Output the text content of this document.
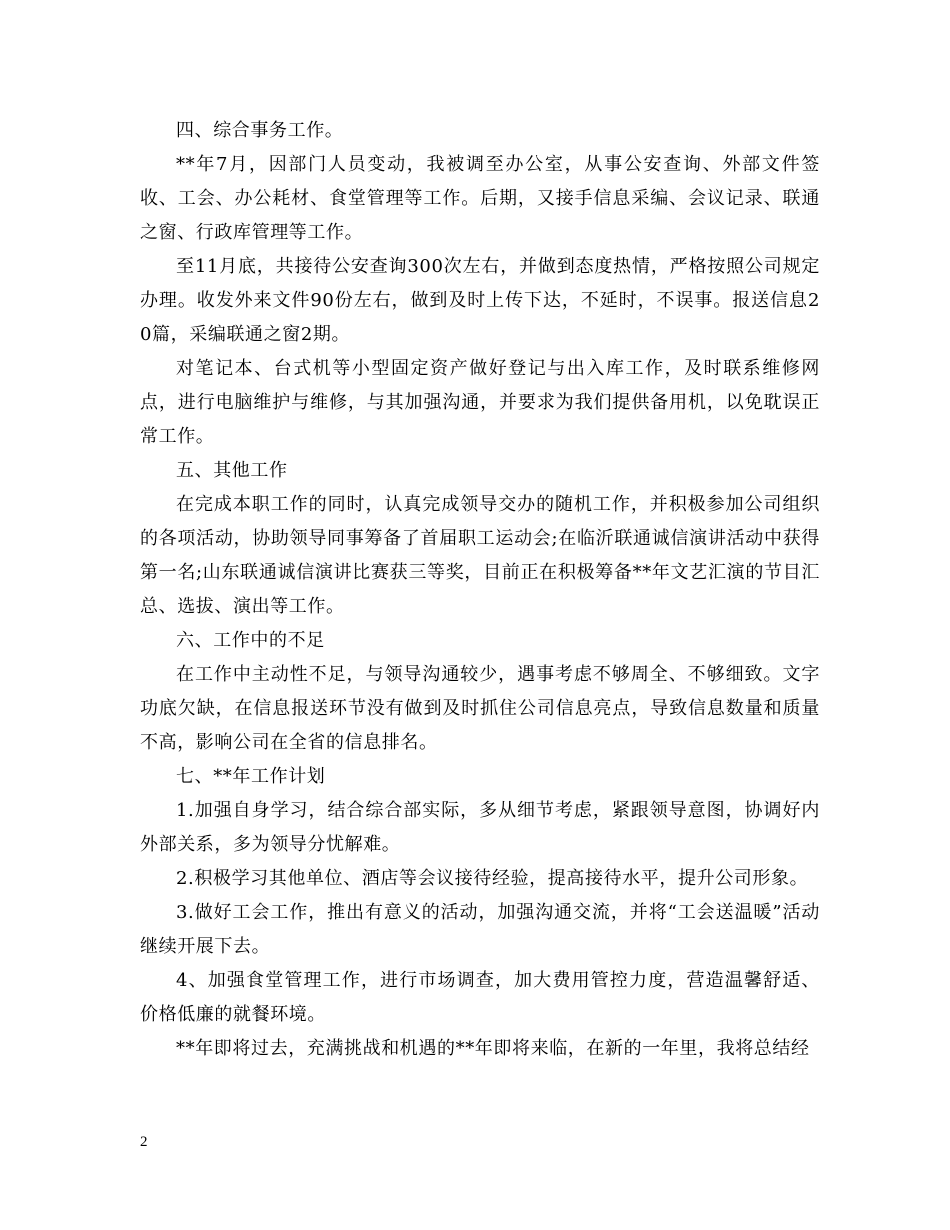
四、综合事务工作。

**年7月，因部门人员变动，我被调至办公室，从事公安查询、外部文件签收、工会、办公耗材、食堂管理等工作。后期，又接手信息采编、会议记录、联通之窗、行政库管理等工作。

至11月底，共接待公安查询300次左右，并做到态度热情，严格按照公司规定办理。收发外来文件90份左右，做到及时上传下达，不延时，不误事。报送信息20篇，采编联通之窗2期。

对笔记本、台式机等小型固定资产做好登记与出入库工作，及时联系维修网点，进行电脑维护与维修，与其加强沟通，并要求为我们提供备用机，以免耽误正常工作。

五、其他工作

在完成本职工作的同时，认真完成领导交办的随机工作，并积极参加公司组织的各项活动，协助领导同事筹备了首届职工运动会;在临沂联通诚信演讲活动中获得第一名;山东联通诚信演讲比赛获三等奖，目前正在积极筹备**年文艺汇演的节目汇总、选拔、演出等工作。

六、工作中的不足

在工作中主动性不足，与领导沟通较少，遇事考虑不够周全、不够细致。文字功底欠缺，在信息报送环节没有做到及时抓住公司信息亮点，导致信息数量和质量不高，影响公司在全省的信息排名。

七、**年工作计划

1.加强自身学习，结合综合部实际，多从细节考虑，紧跟领导意图，协调好内外部关系，多为领导分忧解难。

2.积极学习其他单位、酒店等会议接待经验，提高接待水平，提升公司形象。

3.做好工会工作，推出有意义的活动，加强沟通交流，并将“工会送温暖”活动继续开展下去。

4、加强食堂管理工作，进行市场调查，加大费用管控力度，营造温馨舒适、价格低廉的就餐环境。

**年即将过去，充满挑战和机遇的**年即将来临，在新的一年里，我将总结经

2
